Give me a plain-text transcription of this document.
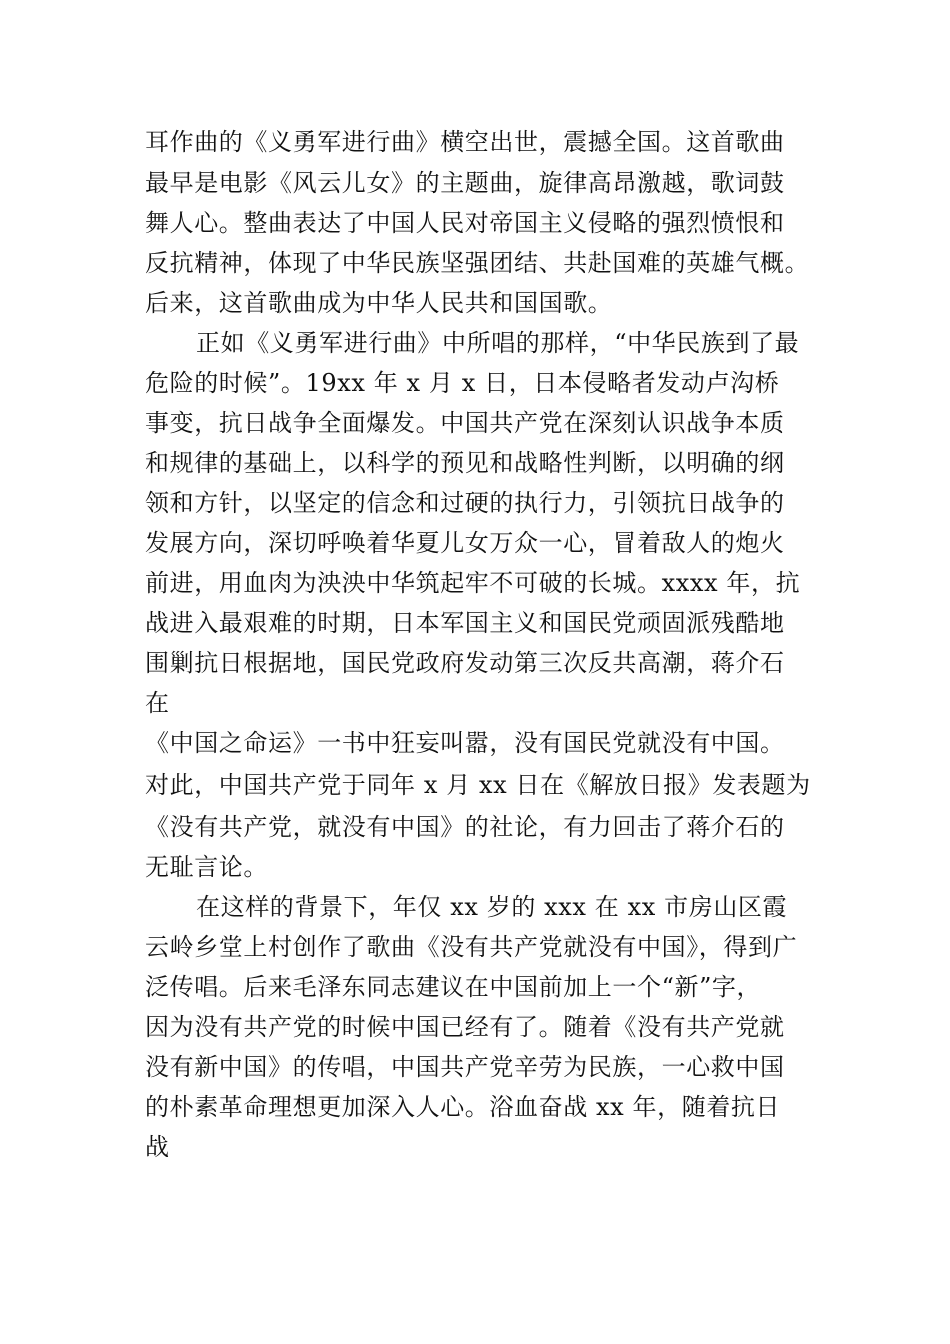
耳作曲的《义勇军进行曲》横空出世，震撼全国。这首歌曲
最早是电影《风云儿女》的主题曲，旋律高昂激越，歌词鼓
舞人心。整曲表达了中国人民对帝国主义侵略的强烈愤恨和
反抗精神，体现了中华民族坚强团结、共赴国难的英雄气概。
后来，这首歌曲成为中华人民共和国国歌。
正如《义勇军进行曲》中所唱的那样，“中华民族到了最
危险的时候”。19xx 年 x 月 x 日，日本侵略者发动卢沟桥
事变，抗日战争全面爆发。中国共产党在深刻认识战争本质
和规律的基础上，以科学的预见和战略性判断，以明确的纲
领和方针，以坚定的信念和过硬的执行力，引领抗日战争的
发展方向，深切呼唤着华夏儿女万众一心，冒着敌人的炮火
前进，用血肉为泱泱中华筑起牢不可破的长城。xxxx 年，抗
战进入最艰难的时期，日本军国主义和国民党顽固派残酷地
围剿抗日根据地，国民党政府发动第三次反共高潮，蒋介石
在
《中国之命运》一书中狂妄叫嚣，没有国民党就没有中国。
对此，中国共产党于同年 x 月 xx 日在《解放日报》发表题为
《没有共产党，就没有中国》的社论，有力回击了蒋介石的
无耻言论。
在这样的背景下，年仅 xx 岁的 xxx 在 xx 市房山区霞
云岭乡堂上村创作了歌曲《没有共产党就没有中国》，得到广
泛传唱。后来毛泽东同志建议在中国前加上一个“新”字，
因为没有共产党的时候中国已经有了。随着《没有共产党就
没有新中国》的传唱，中国共产党辛劳为民族，一心救中国
的朴素革命理想更加深入人心。浴血奋战 xx 年，随着抗日
战
